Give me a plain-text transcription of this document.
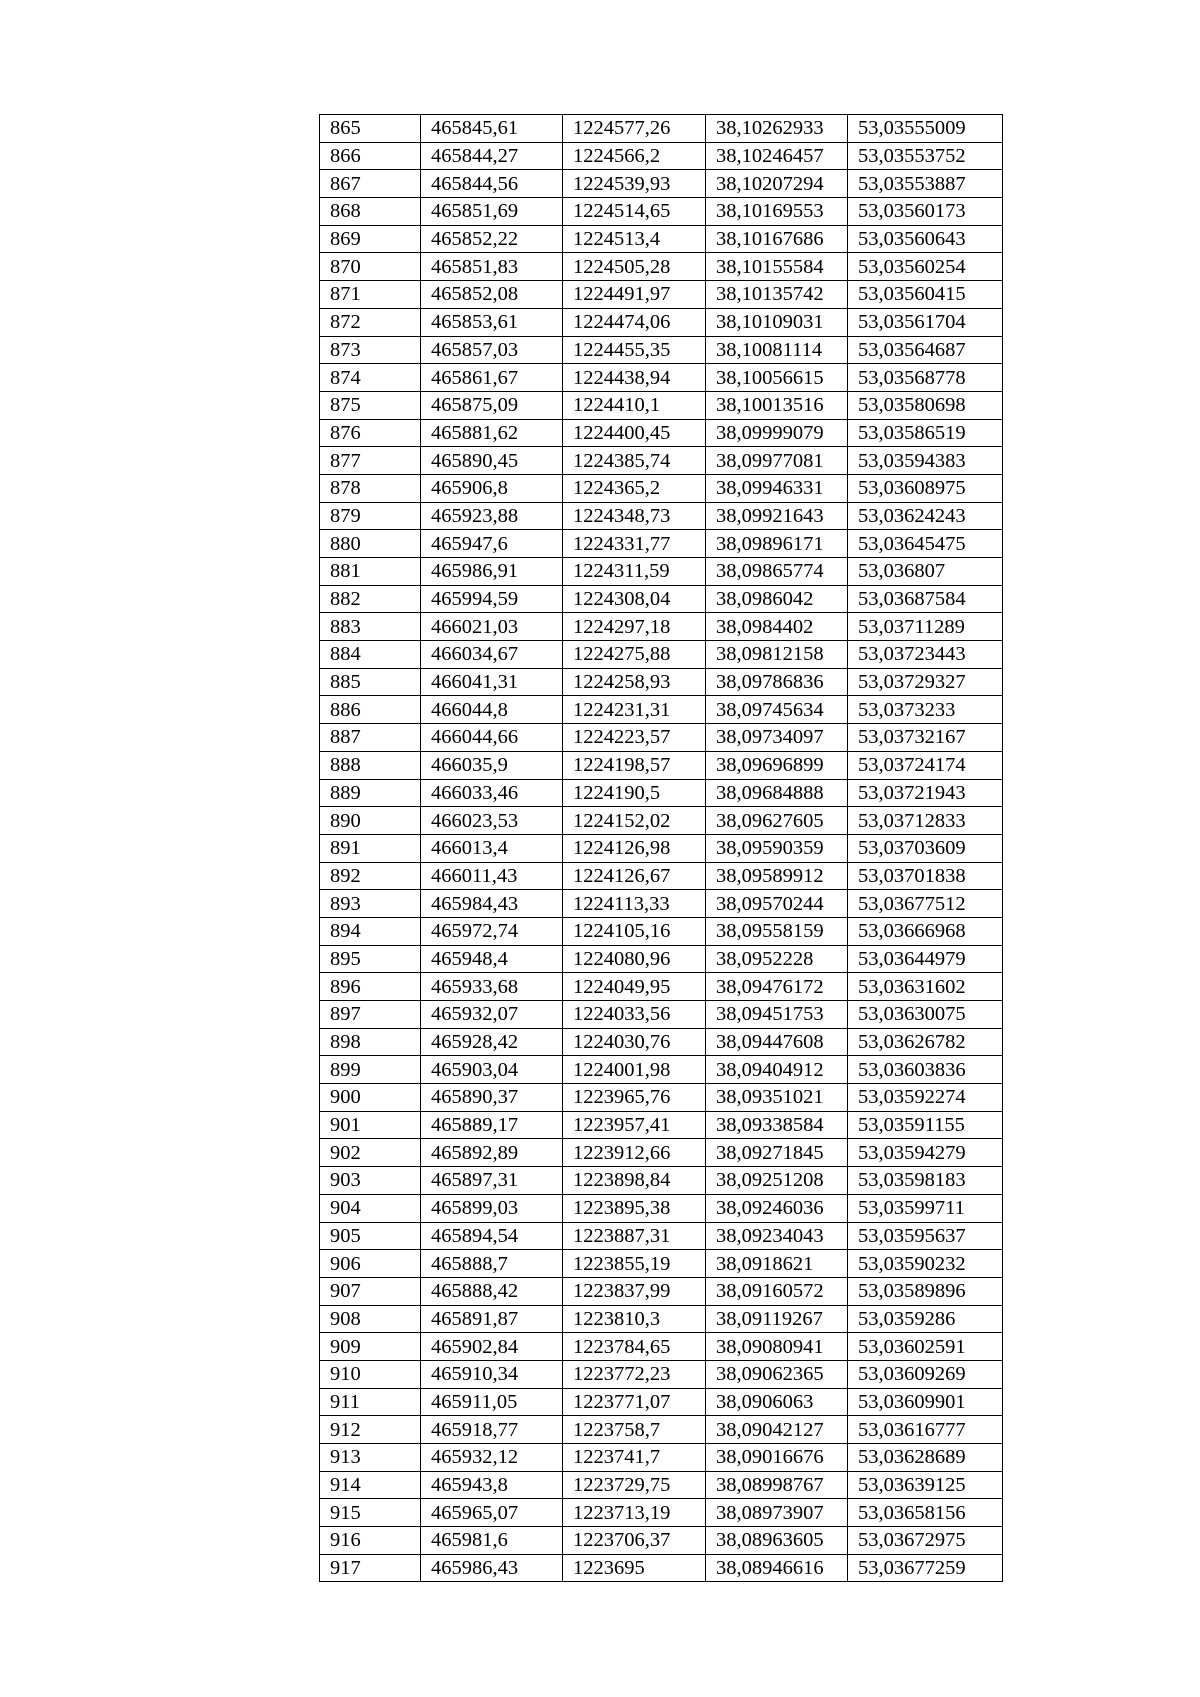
865	465845,61	1224577,26	38,10262933	53,03555009
866	465844,27	1224566,2	38,10246457	53,03553752
867	465844,56	1224539,93	38,10207294	53,03553887
868	465851,69	1224514,65	38,10169553	53,03560173
869	465852,22	1224513,4	38,10167686	53,03560643
870	465851,83	1224505,28	38,10155584	53,03560254
871	465852,08	1224491,97	38,10135742	53,03560415
872	465853,61	1224474,06	38,10109031	53,03561704
873	465857,03	1224455,35	38,10081114	53,03564687
874	465861,67	1224438,94	38,10056615	53,03568778
875	465875,09	1224410,1	38,10013516	53,03580698
876	465881,62	1224400,45	38,09999079	53,03586519
877	465890,45	1224385,74	38,09977081	53,03594383
878	465906,8	1224365,2	38,09946331	53,03608975
879	465923,88	1224348,73	38,09921643	53,03624243
880	465947,6	1224331,77	38,09896171	53,03645475
881	465986,91	1224311,59	38,09865774	53,036807
882	465994,59	1224308,04	38,0986042	53,03687584
883	466021,03	1224297,18	38,0984402	53,03711289
884	466034,67	1224275,88	38,09812158	53,03723443
885	466041,31	1224258,93	38,09786836	53,03729327
886	466044,8	1224231,31	38,09745634	53,0373233
887	466044,66	1224223,57	38,09734097	53,03732167
888	466035,9	1224198,57	38,09696899	53,03724174
889	466033,46	1224190,5	38,09684888	53,03721943
890	466023,53	1224152,02	38,09627605	53,03712833
891	466013,4	1224126,98	38,09590359	53,03703609
892	466011,43	1224126,67	38,09589912	53,03701838
893	465984,43	1224113,33	38,09570244	53,03677512
894	465972,74	1224105,16	38,09558159	53,03666968
895	465948,4	1224080,96	38,0952228	53,03644979
896	465933,68	1224049,95	38,09476172	53,03631602
897	465932,07	1224033,56	38,09451753	53,03630075
898	465928,42	1224030,76	38,09447608	53,03626782
899	465903,04	1224001,98	38,09404912	53,03603836
900	465890,37	1223965,76	38,09351021	53,03592274
901	465889,17	1223957,41	38,09338584	53,03591155
902	465892,89	1223912,66	38,09271845	53,03594279
903	465897,31	1223898,84	38,09251208	53,03598183
904	465899,03	1223895,38	38,09246036	53,03599711
905	465894,54	1223887,31	38,09234043	53,03595637
906	465888,7	1223855,19	38,0918621	53,03590232
907	465888,42	1223837,99	38,09160572	53,03589896
908	465891,87	1223810,3	38,09119267	53,0359286
909	465902,84	1223784,65	38,09080941	53,03602591
910	465910,34	1223772,23	38,09062365	53,03609269
911	465911,05	1223771,07	38,0906063	53,03609901
912	465918,77	1223758,7	38,09042127	53,03616777
913	465932,12	1223741,7	38,09016676	53,03628689
914	465943,8	1223729,75	38,08998767	53,03639125
915	465965,07	1223713,19	38,08973907	53,03658156
916	465981,6	1223706,37	38,08963605	53,03672975
917	465986,43	1223695	38,08946616	53,03677259
